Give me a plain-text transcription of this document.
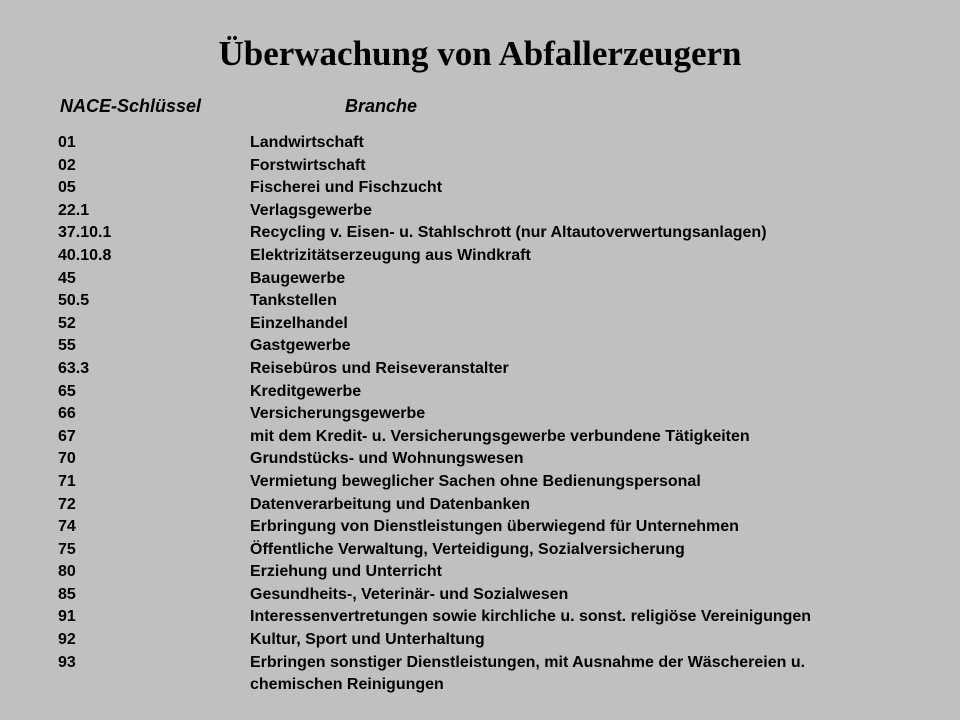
Überwachung von Abfallerzeugern
NACE-Schlüssel	Branche
01	Landwirtschaft
02	Forstwirtschaft
05	Fischerei und Fischzucht
22.1	Verlagsgewerbe
37.10.1	Recycling v. Eisen- u. Stahlschrott (nur Altautoverwertungsanlagen)
40.10.8	Elektrizitätserzeugung aus Windkraft
45	Baugewerbe
50.5	Tankstellen
52	Einzelhandel
55	Gastgewerbe
63.3	Reisebüros und Reiseveranstalter
65	Kreditgewerbe
66	Versicherungsgewerbe
67	mit dem Kredit- u. Versicherungsgewerbe verbundene Tätigkeiten
70	Grundstücks- und Wohnungswesen
71	Vermietung beweglicher Sachen ohne Bedienungspersonal
72	Datenverarbeitung und Datenbanken
74	Erbringung von Dienstleistungen überwiegend für Unternehmen
75	Öffentliche Verwaltung, Verteidigung, Sozialversicherung
80	Erziehung und Unterricht
85	Gesundheits-, Veterinär- und Sozialwesen
91	Interessenvertretungen sowie kirchliche u. sonst. religiöse Vereinigungen
92	Kultur, Sport und Unterhaltung
93	Erbringen sonstiger Dienstleistungen, mit Ausnahme der Wäschereien u.
chemischen Reinigungen
